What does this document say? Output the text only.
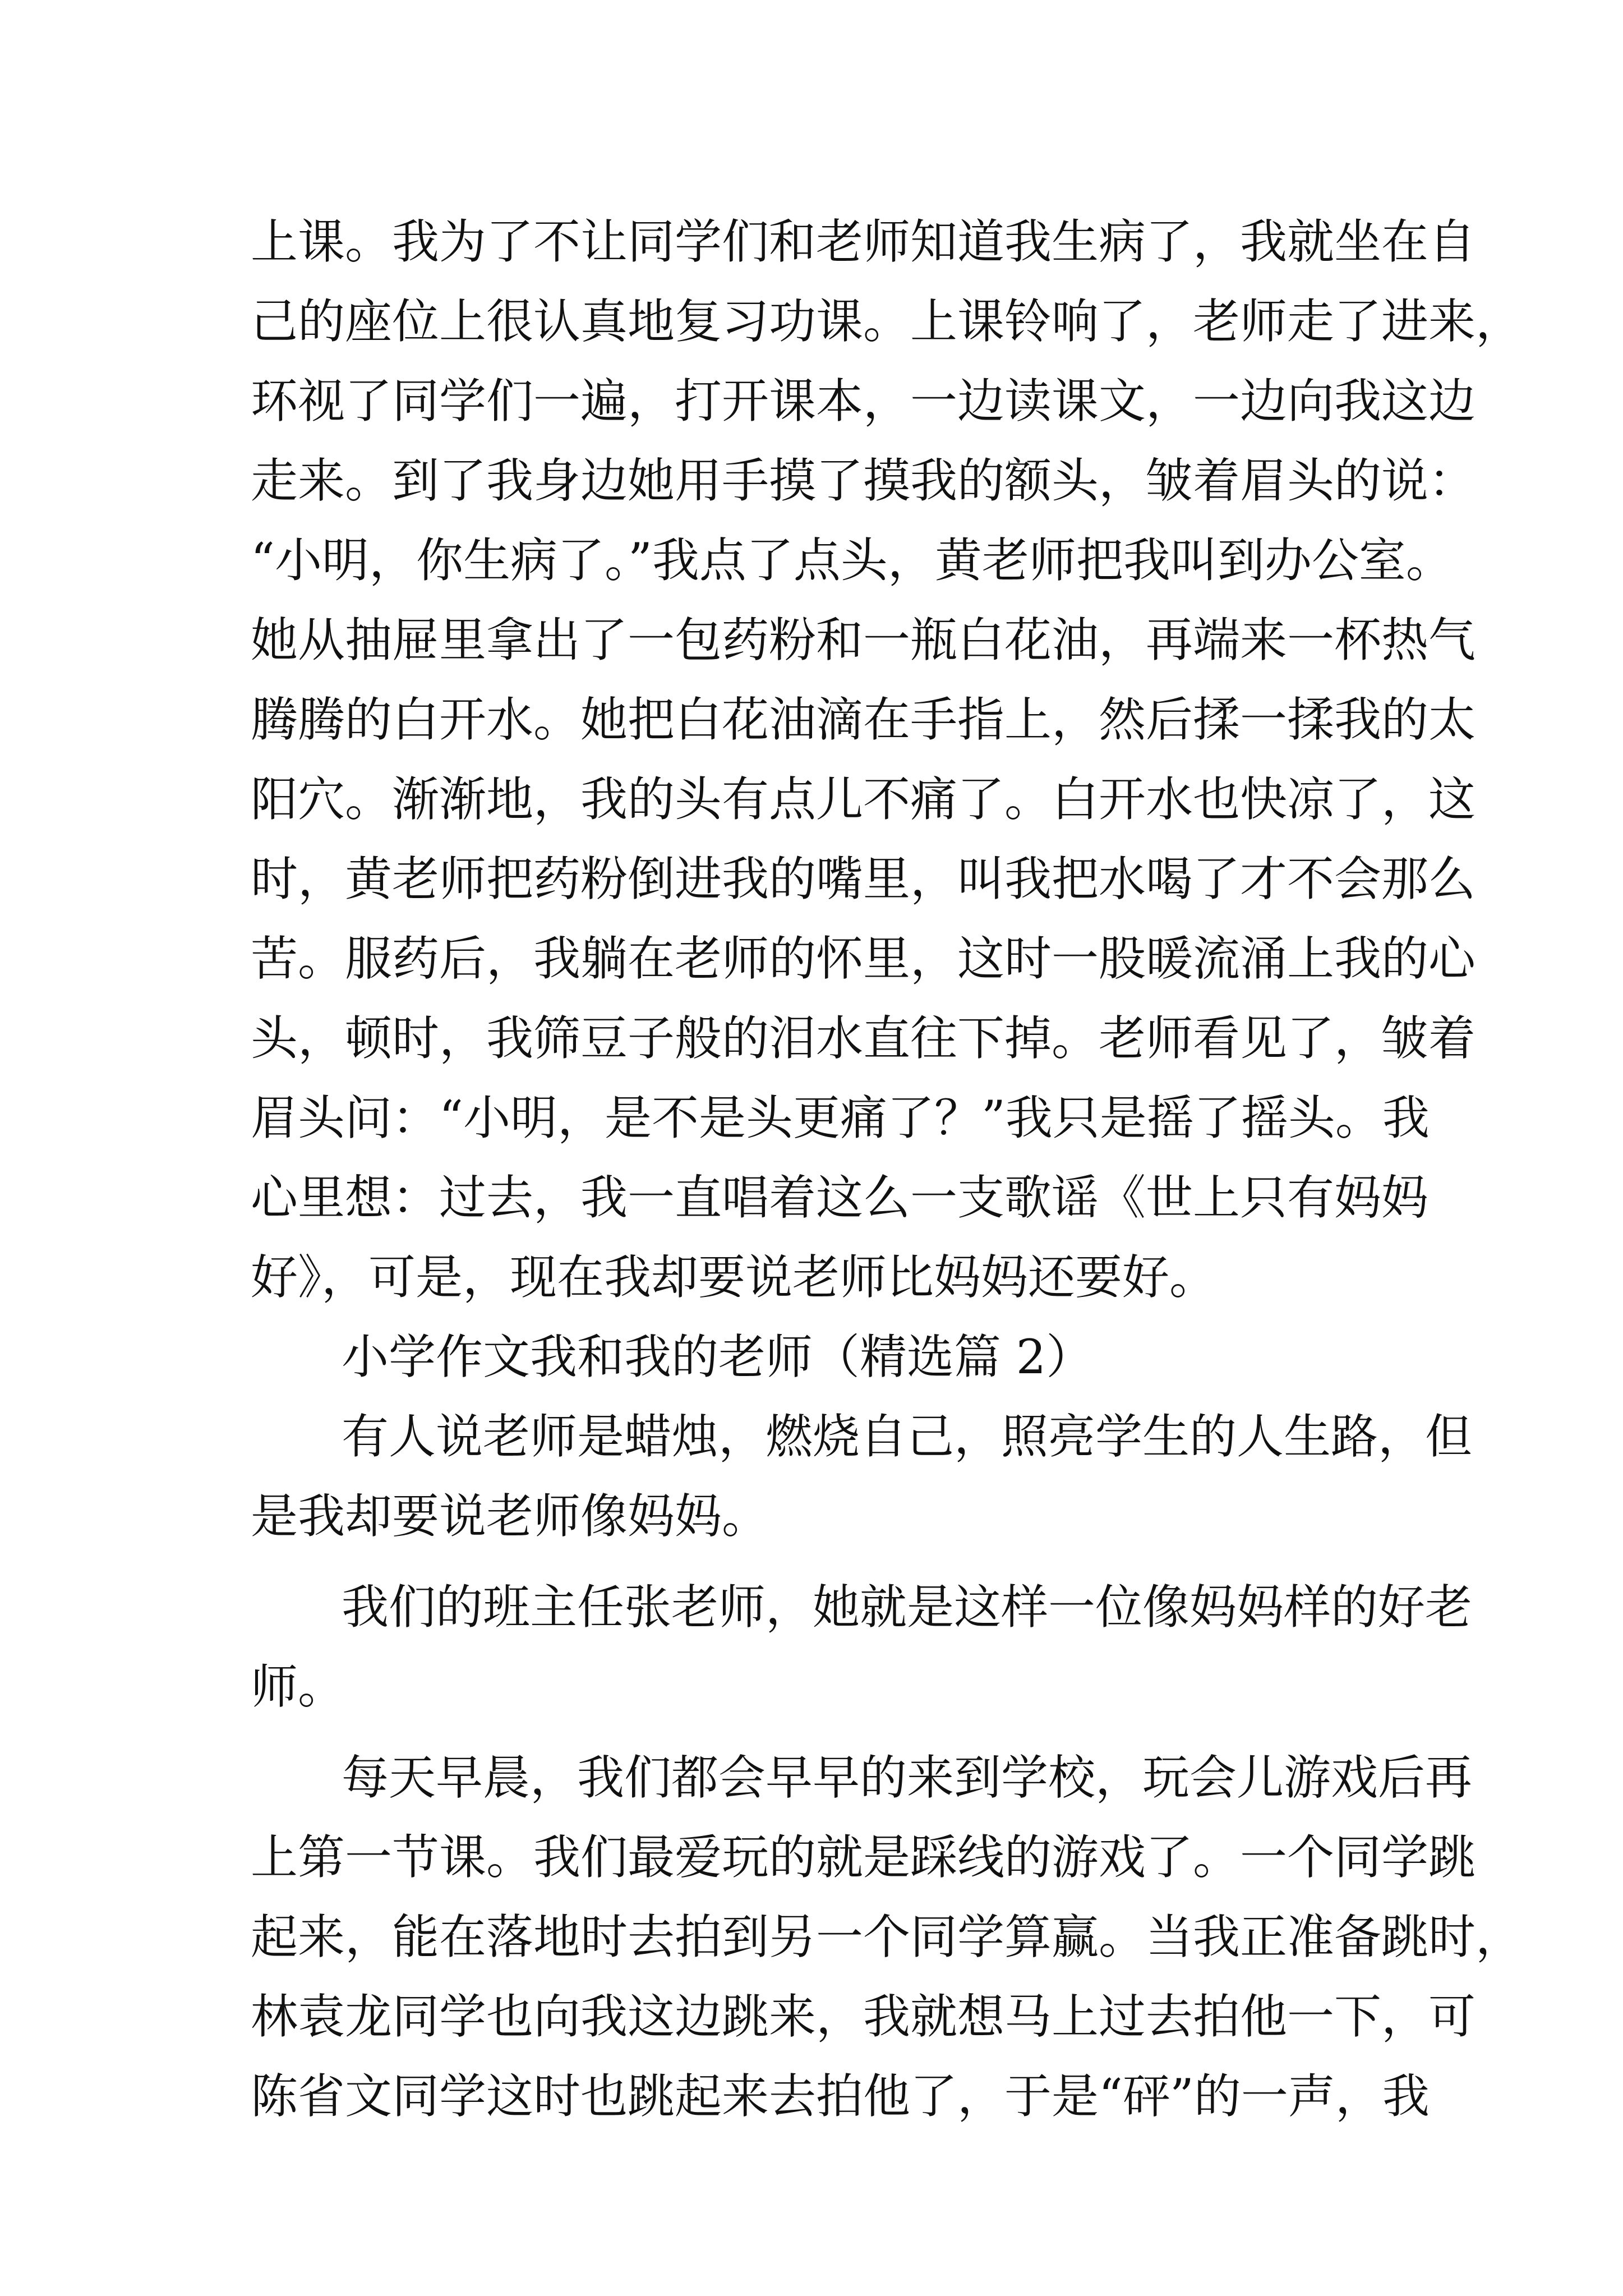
上课。我为了不让同学们和老师知道我生病了，我就坐在自
己的座位上很认真地复习功课。上课铃响了，老师走了进来，
环视了同学们一遍，打开课本，一边读课文，一边向我这边
走来。到了我身边她用手摸了摸我的额头，皱着眉头的说：
“小明，你生病了。”我点了点头，黄老师把我叫到办公室。
她从抽屉里拿出了一包药粉和一瓶白花油，再端来一杯热气
腾腾的白开水。她把白花油滴在手指上，然后揉一揉我的太
阳穴。渐渐地，我的头有点儿不痛了。白开水也快凉了，这
时，黄老师把药粉倒进我的嘴里，叫我把水喝了才不会那么
苦。服药后，我躺在老师的怀里，这时一股暖流涌上我的心
头，顿时，我筛豆子般的泪水直往下掉。老师看见了，皱着
眉头问：“小明，是不是头更痛了？”我只是摇了摇头。我
心里想：过去，我一直唱着这么一支歌谣《世上只有妈妈
好》，可是，现在我却要说老师比妈妈还要好。
小学作文我和我的老师（精选篇 2）
有人说老师是蜡烛，燃烧自己，照亮学生的人生路，但
是我却要说老师像妈妈。
我们的班主任张老师，她就是这样一位像妈妈样的好老
师。
每天早晨，我们都会早早的来到学校，玩会儿游戏后再
上第一节课。我们最爱玩的就是踩线的游戏了。一个同学跳
起来，能在落地时去拍到另一个同学算赢。当我正准备跳时，
林袁龙同学也向我这边跳来，我就想马上过去拍他一下，可
陈省文同学这时也跳起来去拍他了，于是“砰”的一声，我
